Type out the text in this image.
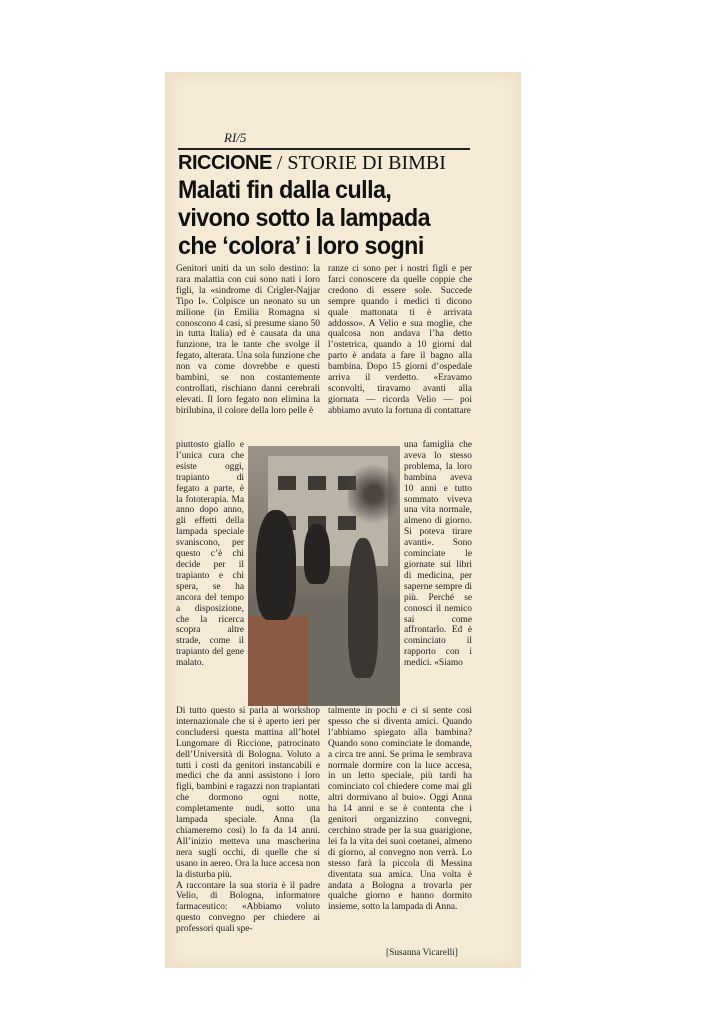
RI/5
RICCIONE / STORIE DI BIMBI
Malati fin dalla culla, vivono sotto la lampada che ‘colora’ i loro sogni
Genitori uniti da un solo destino: la rara malattia con cui sono nati i loro figli, la «sindrome di Crigler-Najjar Tipo I». Colpisce un neonato su un milione (in Emilia Romagna si conoscono 4 casi, si presume siano 50 in tutta Italia) ed è causata da una funzione, tra le tante che svolge il fegato, alterata. Una sola funzione che non va come dovrebbe e questi bambini, se non costantemente controllati, rischiano danni cerebrali elevati. Il loro fegato non elimina la birilubina, il colore della loro pelle è
piuttosto giallo e l’unica cura che esiste oggi, trapianto di fegato a parte, è la fototerapia. Ma anno dopo anno, gli effetti della lampada speciale svaniscono, per questo c’è chi decide per il trapianto e chi spera, se ha ancora del tempo a disposizione, che la ricerca scopra altre strade, come il trapianto del gene malato.
Di tutto questo si parla al workshop internazionale che si è aperto ieri per concludersi questa mattina all’hotel Lungomare di Riccione, patrocinato dell’Università di Bologna. Voluto a tutti i costi da genitori instancabili e medici che da anni assistono i loro figli, bambini e ragazzi non trapiantati che dormono ogni notte, completamente nudi, sotto una lampada speciale. Anna (la chiameremo così) lo fa da 14 anni. All’inizio metteva una mascherina nera sugli occhi, di quelle che si usano in aereo. Ora la luce accesa non la disturba più.
A raccontare la sua storia è il padre Velio, di Bologna, informatore farmaceutico: «Abbiamo voluto questo convegno per chiedere ai professori quali spe-
ranze ci sono per i nostri figli e per farci conoscere da quelle coppie che credono di essere sole. Succede sempre quando i medici ti dicono quale mattonata ti è arrivata addosso». A Velio e sua moglie, che qualcosa non andava l’ha detto l’ostetrica, quando a 10 giorni dal parto è andata a fare il bagno alla bambina. Dopo 15 giorni d’ospedale arriva il verdetto. «Eravamo sconvolti, tiravamo avanti alla giornata — ricorda Velio — poi abbiamo avuto la fortuna di contattare
una famiglia che aveva lo stesso problema, la loro bambina aveva 10 anni e tutto sommato viveva una vita normale, almeno di giorno. Si poteva tirare avanti». Sono cominciate le giornate sui libri di medicina, per saperne sempre di più. Perché se conosci il nemico sai come affrontarlo. Ed è cominciato il rapporto con i medici. «Siamo
talmente in pochi e ci si sente così spesso che si diventa amici. Quando l’abbiamo spiegato alla bambina? Quando sono cominciate le domande, a circa tre anni. Se prima le sembrava normale dormire con la luce accesa, in un letto speciale, più tardi ha cominciato col chiedere come mai gli altri dormivano al buio». Oggi Anna ha 14 anni e se è contenta che i genitori organizzino convegni, cerchino strade per la sua guarigione, lei fa la vita dei suoi coetanei, almeno di giorno, al convegno non verrà. Lo stesso farà la piccola di Messina diventata sua amica. Una volta è andata a Bologna a trovarla per qualche giorno e hanno dormito insieme, sotto la lampada di Anna.
[Susanna Vicarelli]
